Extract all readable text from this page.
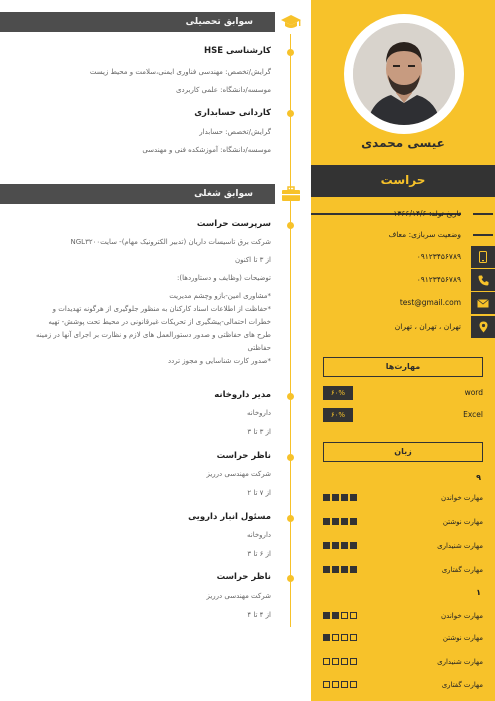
سوابق تحصیلی
کارشناسی HSE
گرایش/تخصص: مهندسی فناوری ایمنی،سلامت و محیط زیست
موسسه/دانشگاه: علمی کاربردی
کاردانی حسابداری
گرایش/تخصص: حسابدار
موسسه/دانشگاه: آموزشکده فنی و مهندسی
سوابق شغلی
سرپرست حراست
شرکت برق تاسیسات داریان (تدبیر الکترونیک مهام)- سایتNGL۳۲۰۰
از ۳ تا اکنون
توضیحات (وظایف و دستاوردها):
*مشاوری امین-بازو وچشم مدیریت
*حفاظت از اطلاعات اسناد کارکنان به منظور جلوگیری از هرگونه تهدیدات و
خطرات احتمالی-پیشگیری از تحریکات غیرقانونی در محیط تحت پوشش- تهیه
طرح های حفاظتی و صدور دستورالعمل های لازم و نظارت بر اجرای آنها در زمینه
حفاظتی
*صدور کارت شناسایی و مجوز تردد
مدیر داروخانه
داروخانه
از ۳ تا ۳
ناظر حراست
شرکت مهندسی درریز
از ۷ تا ۲
مسئول انبار دارویی
داروخانه
از ۶ تا ۳
ناظر حراست
شرکت مهندسی درریز
از ۴ تا ۴
عیسی محمدی
حراست
تاریخ تولد: ۱۳۶۶/۱۴/۶
وضعیت سربازی: معاف
۰۹۱۲۳۴۵۶۷۸۹
۰۹۱۲۳۴۵۶۷۸۹
test@gmail.com
تهران ، تهران ، تهران
مهارت‌ها
word
۶۰%
Excel
۶۰%
زبان
۹
مهارت خواندن
مهارت نوشتن
مهارت شنیداری
مهارت گفتاری
۱
مهارت خواندن
مهارت نوشتن
مهارت شنیداری
مهارت گفتاری
